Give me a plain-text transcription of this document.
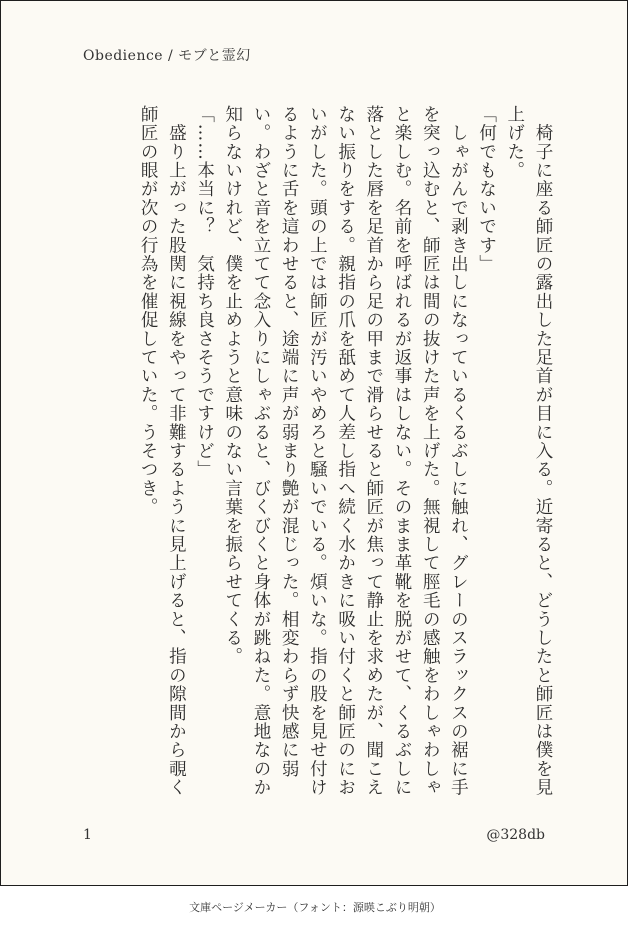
Obedience / モブと霊幻

　椅子に座る師匠の露出した足首が目に入る。近寄ると、どうしたと師匠は僕を見上げた。

「何でもないです」

　しゃがんで剥き出しになっているくるぶしに触れ、グレーのスラックスの裾に手を突っ込むと、師匠は間の抜けた声を上げた。無視して脛毛の感触をわしゃわしゃと楽しむ。名前を呼ばれるが返事はしない。そのまま革靴を脱がせて、くるぶしに落とした唇を足首から足の甲まで滑らせると師匠が焦って静止を求めたが、聞こえない振りをする。親指の爪を舐めて人差し指へ続く水かきに吸い付くと師匠のにおいがした。頭の上では師匠が汚いやめろと騒いでいる。煩いな。指の股を見せ付けるように舌を這わせると、途端に声が弱まり艶が混じった。相変わらず快感に弱い。わざと音を立てて念入りにしゃぶると、びくびくと身体が跳ねた。意地なのか知らないけれど、僕を止めようと意味のない言葉を振らせてくる。

「……本当に？　気持ち良さそうですけど」

　盛り上がった股関に視線をやって非難するように見上げると、指の隙間から覗く師匠の眼が次の行為を催促していた。うそつき。

1	@328db
文庫ページメーカー（フォント：源暎こぶり明朝）
